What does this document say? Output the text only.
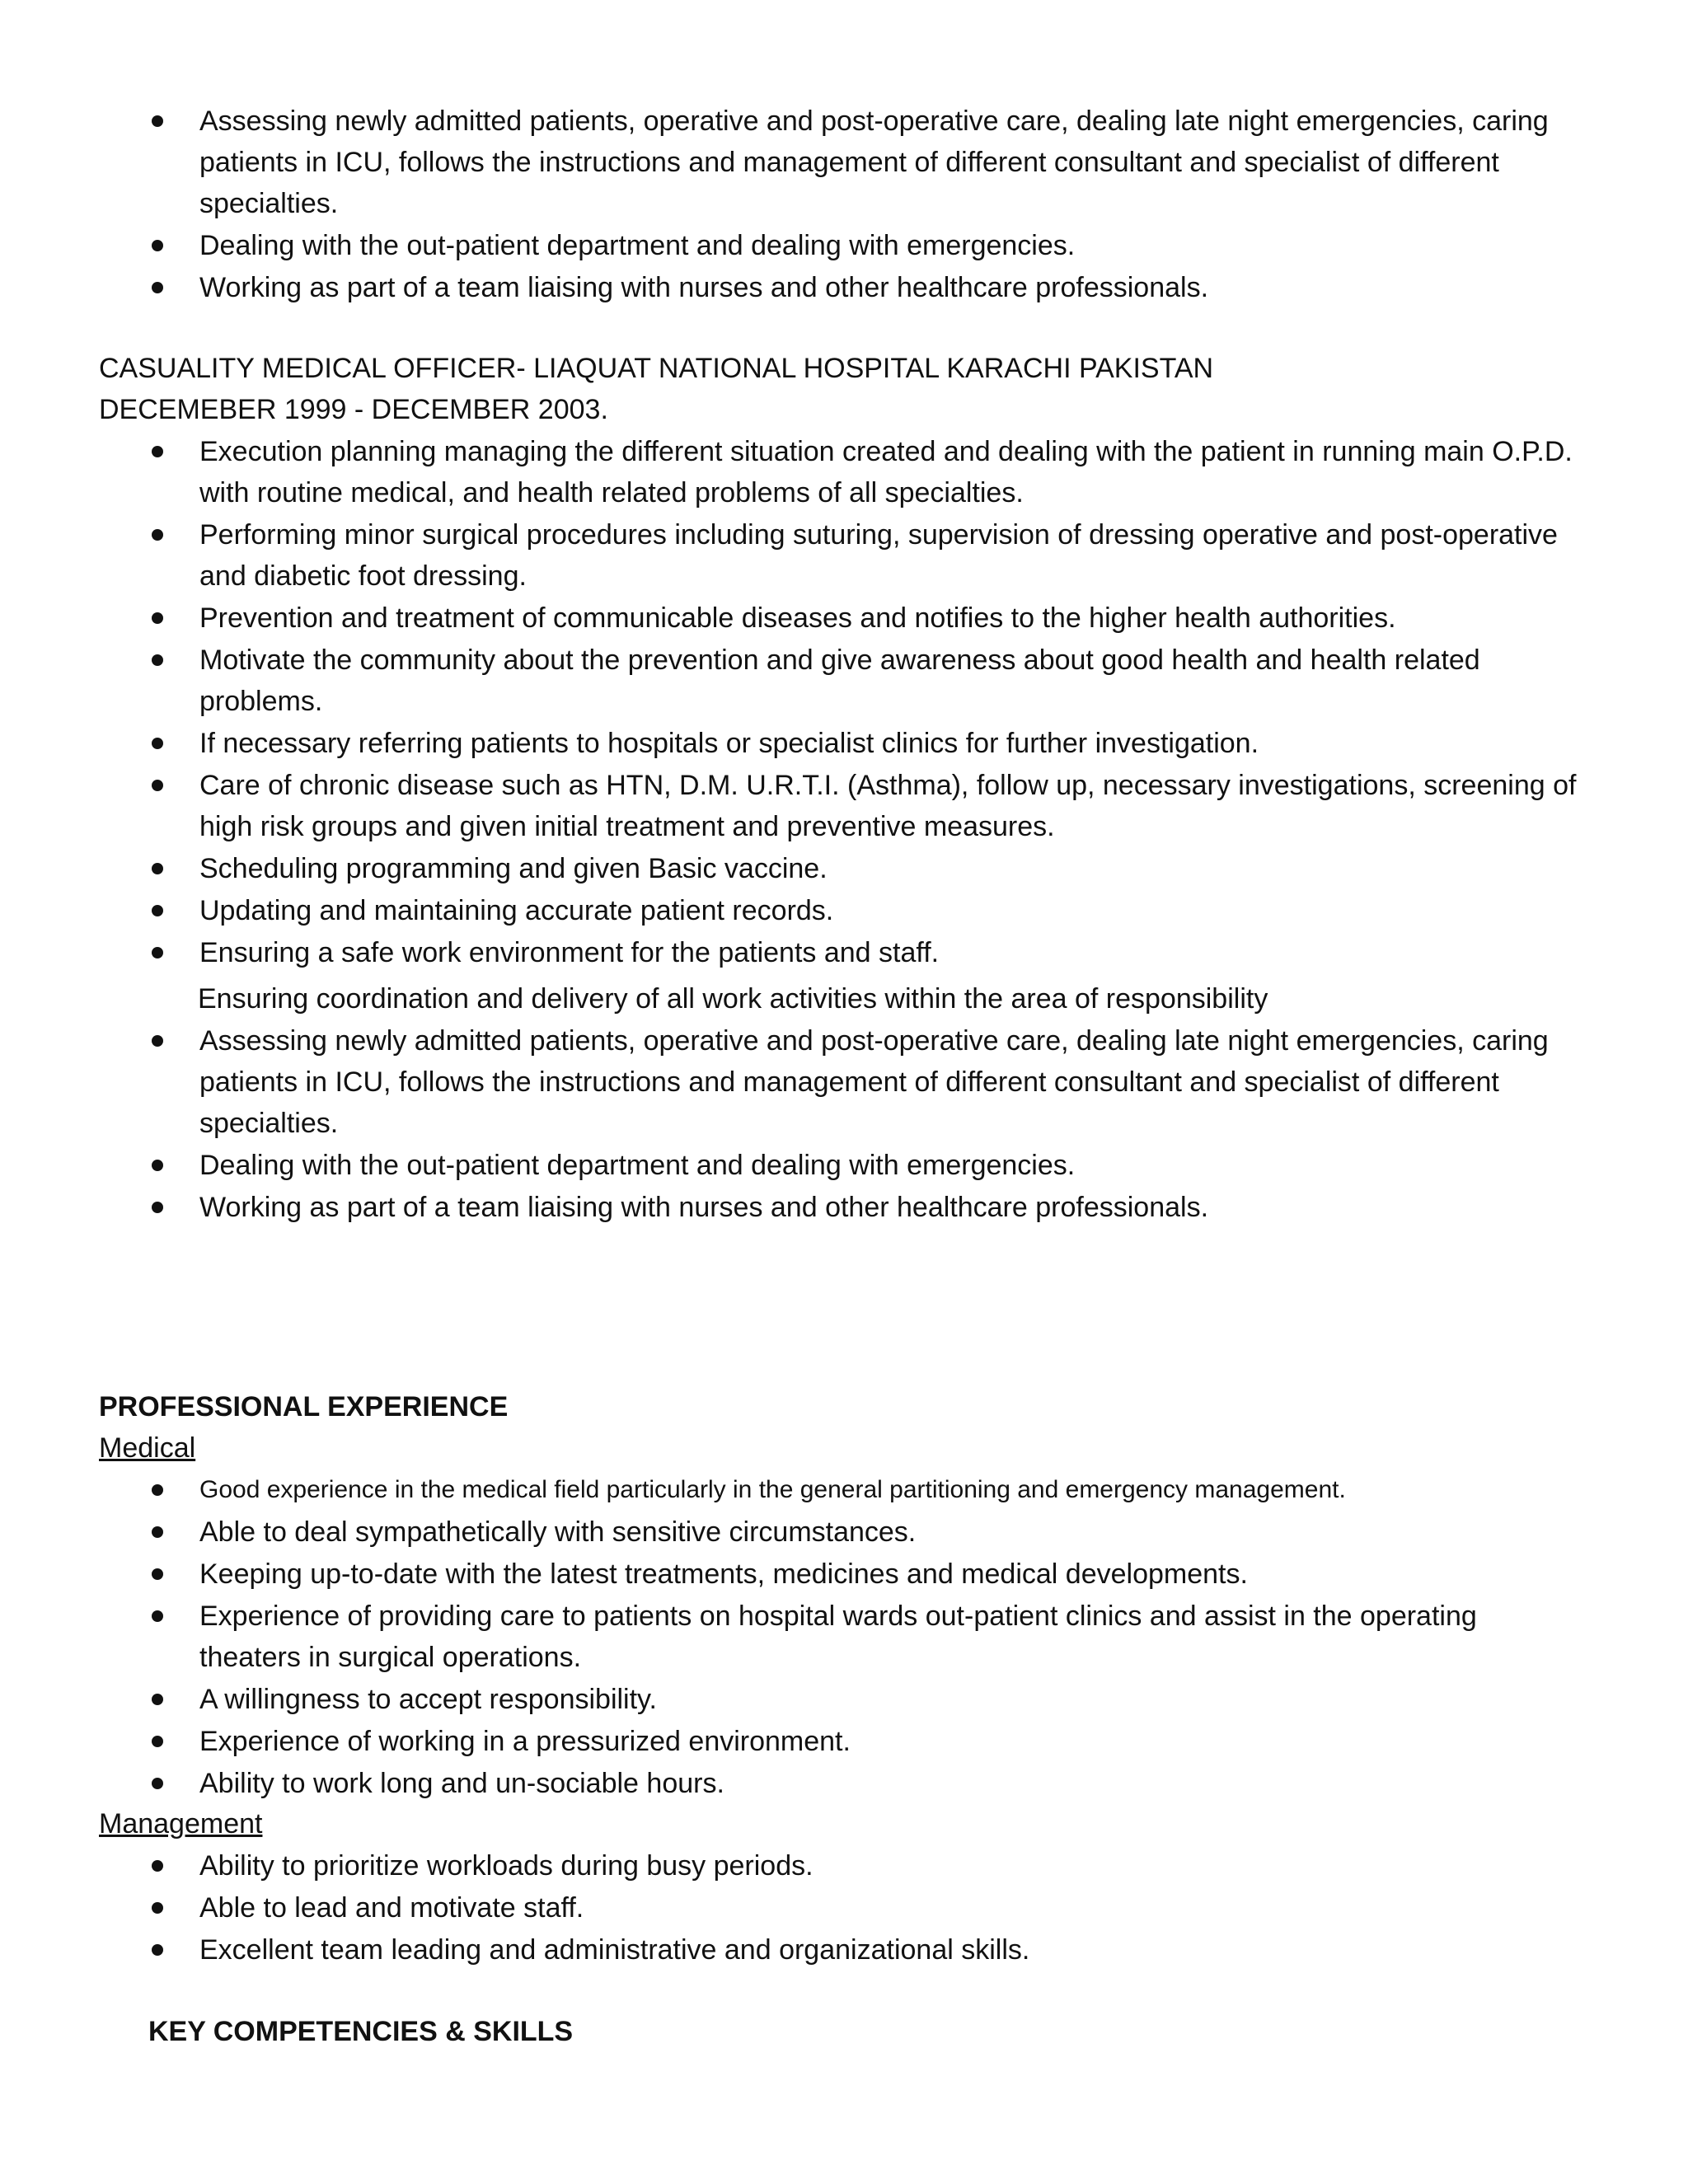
Assessing newly admitted patients, operative and post-operative care, dealing late night emergencies, caring patients in ICU, follows the instructions and management of different consultant and specialist of different specialties.
Dealing with the out-patient department and dealing with emergencies.
Working as part of a team liaising with nurses and other healthcare professionals.
CASUALITY MEDICAL OFFICER- LIAQUAT NATIONAL HOSPITAL KARACHI PAKISTAN
DECEMEBER 1999 - DECEMBER 2003.
Execution planning managing the different situation created and dealing with the patient in running main O.P.D. with routine medical, and health related problems of all specialties.
Performing minor surgical procedures including suturing, supervision of dressing operative and post-operative and diabetic foot dressing.
Prevention and treatment of communicable diseases and notifies to the higher health authorities.
Motivate the community about the prevention and give awareness about good health and health related problems.
If necessary referring patients to hospitals or specialist clinics for further investigation.
Care of chronic disease such as HTN, D.M. U.R.T.I. (Asthma), follow up, necessary investigations, screening of high risk groups and given initial treatment and preventive measures.
Scheduling programming and given Basic vaccine.
Updating and maintaining accurate patient records.
Ensuring a safe work environment for the patients and staff.
Ensuring coordination and delivery of all work activities within the area of responsibility
Assessing newly admitted patients, operative and post-operative care, dealing late night emergencies, caring patients in ICU, follows the instructions and management of different consultant and specialist of different specialties.
Dealing with the out-patient department and dealing with emergencies.
Working as part of a team liaising with nurses and other healthcare professionals.
PROFESSIONAL EXPERIENCE
Medical
Good experience in the medical field particularly in the general partitioning and emergency management.
Able to deal sympathetically with sensitive circumstances.
Keeping up-to-date with the latest treatments, medicines and medical developments.
Experience of providing care to patients on hospital wards out-patient clinics and assist in the operating theaters in surgical operations.
A willingness to accept responsibility.
Experience of working in a pressurized environment.
Ability to work long and un-sociable hours.
Management
Ability to prioritize workloads during busy periods.
Able to lead and motivate staff.
Excellent team leading and administrative and organizational skills.
KEY COMPETENCIES & SKILLS
